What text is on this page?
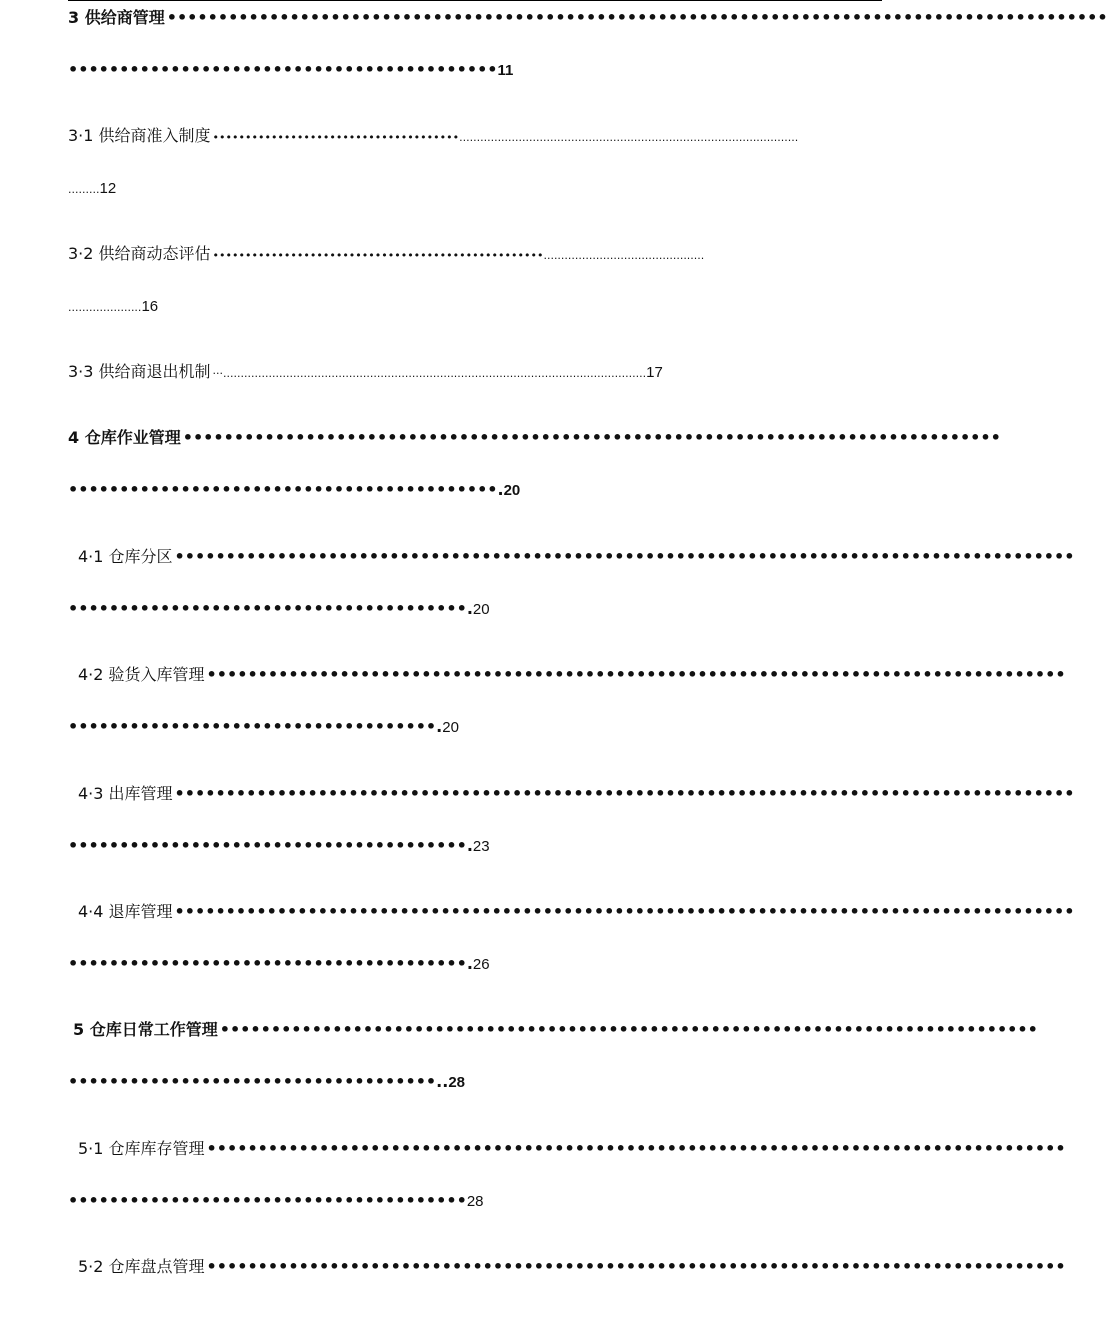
3 供给商管理 ••••••••••••••••••••••••••••••••••••••••••••••••••••••••••••••••••••••••••••••••••••••••••••
••••••••••••••••••••••••••••••••••••••••••11
3·1 供给商准入制度 ••••••••••••••••••••••••••••••••••••••.................................................................................................
.........12
3·2 供给商动态评估 •••••••••••••••••••••••••••••••••••••••••••••••••••..............................................
.....................16
3·3 供给商退出机制 ···.........................................................................................................................17
4 仓库作业管理 ••••••••••••••••••••••••••••••••••••••••••••••••••••••••••••••••••••••••••••••••
••••••••••••••••••••••••••••••••••••••••••.20
4·1 仓库分区 ••••••••••••••••••••••••••••••••••••••••••••••••••••••••••••••••••••••••••••••••••••••••
•••••••••••••••••••••••••••••••••••••••.20
4·2 验货入库管理 ••••••••••••••••••••••••••••••••••••••••••••••••••••••••••••••••••••••••••••••••••••
••••••••••••••••••••••••••••••••••••.20
4·3 出库管理 ••••••••••••••••••••••••••••••••••••••••••••••••••••••••••••••••••••••••••••••••••••••••
•••••••••••••••••••••••••••••••••••••••.23
4·4 退库管理 ••••••••••••••••••••••••••••••••••••••••••••••••••••••••••••••••••••••••••••••••••••••••
•••••••••••••••••••••••••••••••••••••••.26
5 仓库日常工作管理 ••••••••••••••••••••••••••••••••••••••••••••••••••••••••••••••••••••••••••••••••
••••••••••••••••••••••••••••••••••••..28
5·1 仓库库存管理 ••••••••••••••••••••••••••••••••••••••••••••••••••••••••••••••••••••••••••••••••••••
•••••••••••••••••••••••••••••••••••••••28
5·2 仓库盘点管理 ••••••••••••••••••••••••••••••••••••••••••••••••••••••••••••••••••••••••••••••••••••
